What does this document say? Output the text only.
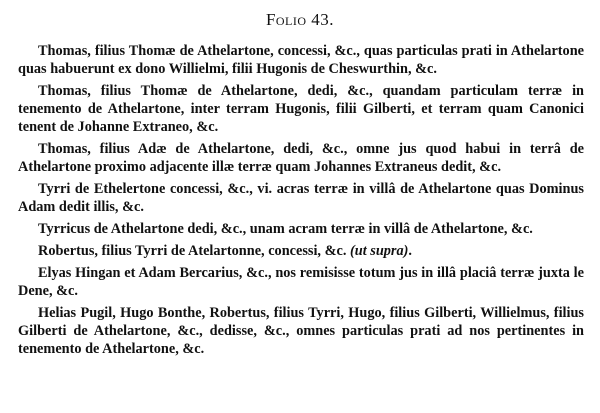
Folio 43.

Thomas, filius Thomæ de Athelartone, concessi, &c., quas particulas prati in Athelartone quas habuerunt ex dono Willielmi, filii Hugonis de Cheswurthin, &c.

Thomas, filius Thomæ de Athelartone, dedi, &c., quandam particulam terræ in tenemento de Athelartone, inter terram Hugonis, filii Gilberti, et terram quam Canonici tenent de Johanne Extraneo, &c.

Thomas, filius Adæ de Athelartone, dedi, &c., omne jus quod habui in terrâ de Athelartone proximo adjacente illæ terræ quam Johannes Extraneus dedit, &c.

Tyrri de Ethelertone concessi, &c., vi. acras terræ in villâ de Athelartone quas Dominus Adam dedit illis, &c.

Tyrricus de Athelartone dedi, &c., unam acram terræ in villâ de Athelartone, &c.

Robertus, filius Tyrri de Atelartonne, concessi, &c. (ut supra).

Elyas Hingan et Adam Bercarius, &c., nos remisisse totum jus in illâ placiâ terræ juxta le Dene, &c.

Helias Pugil, Hugo Bonthe, Robertus, filius Tyrri, Hugo, filius Gilberti, Willielmus, filius Gilberti de Athelartone, &c., dedisse, &c., omnes particulas prati ad nos pertinentes in tenemento de Athelartone, &c.
